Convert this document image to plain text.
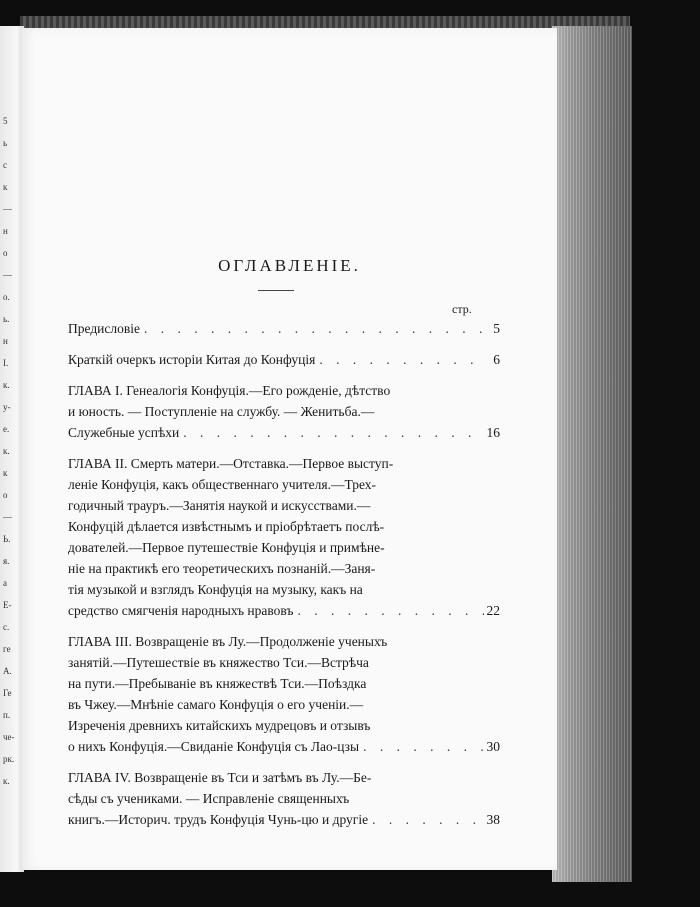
5
ь
с
к
—
н
о
—
о.
ь.
н
I.
к.
у-
е.
к.
к
о
—
Ь.
я.
а
Е-
с.
ге
А.
Ге
п.
че-
рк.
к.
ОГЛАВЛЕНІЕ.
стр.
Предисловіе . . .	5
Краткій очеркъ исторіи Китая до Конфуція . . .	6
ГЛАВА І. Генеалогія Конфуція.—Его рожденіе, дѣтство
и юность. — Поступленіе на службу. — Женитьба.—
Служебные успѣхи . . .	16
ГЛАВА II. Смерть матери.—Отставка.—Первое выступ-
леніе Конфуція, какъ общественнаго учителя.—Трех-
годичный трауръ.—Занятія наукой и искусствами.—
Конфуцій дѣлается извѣстнымъ и пріобрѣтаетъ послѣ-
дователей.—Первое путешествіе Конфуція и примѣне-
ніе на практикѣ его теоретическихъ познаній.—Заня-
тія музыкой и взглядъ Конфуція на музыку, какъ на
средство смягченія народныхъ нравовъ . . .	22
ГЛАВА III. Возвращеніе въ Лу.—Продолженіе ученыхъ
занятій.—Путешествіе въ княжество Тси.—Встрѣча
на пути.—Пребываніе въ княжествѣ Тси.—Поѣздка
въ Чжеу.—Мнѣніе самаго Конфуція о его ученіи.—
Изреченія древнихъ китайскихъ мудрецовъ и отзывъ
о нихъ Конфуція.—Свиданіе Конфуція съ Лао-цзы . . .	30
ГЛАВА IV. Возвращеніе въ Тси и затѣмъ въ Лу.—Бе-
сѣды съ учениками. — Исправленіе священныхъ
книгъ.—Историч. трудъ Конфуція Чунь-цю и другіе . . .	38
